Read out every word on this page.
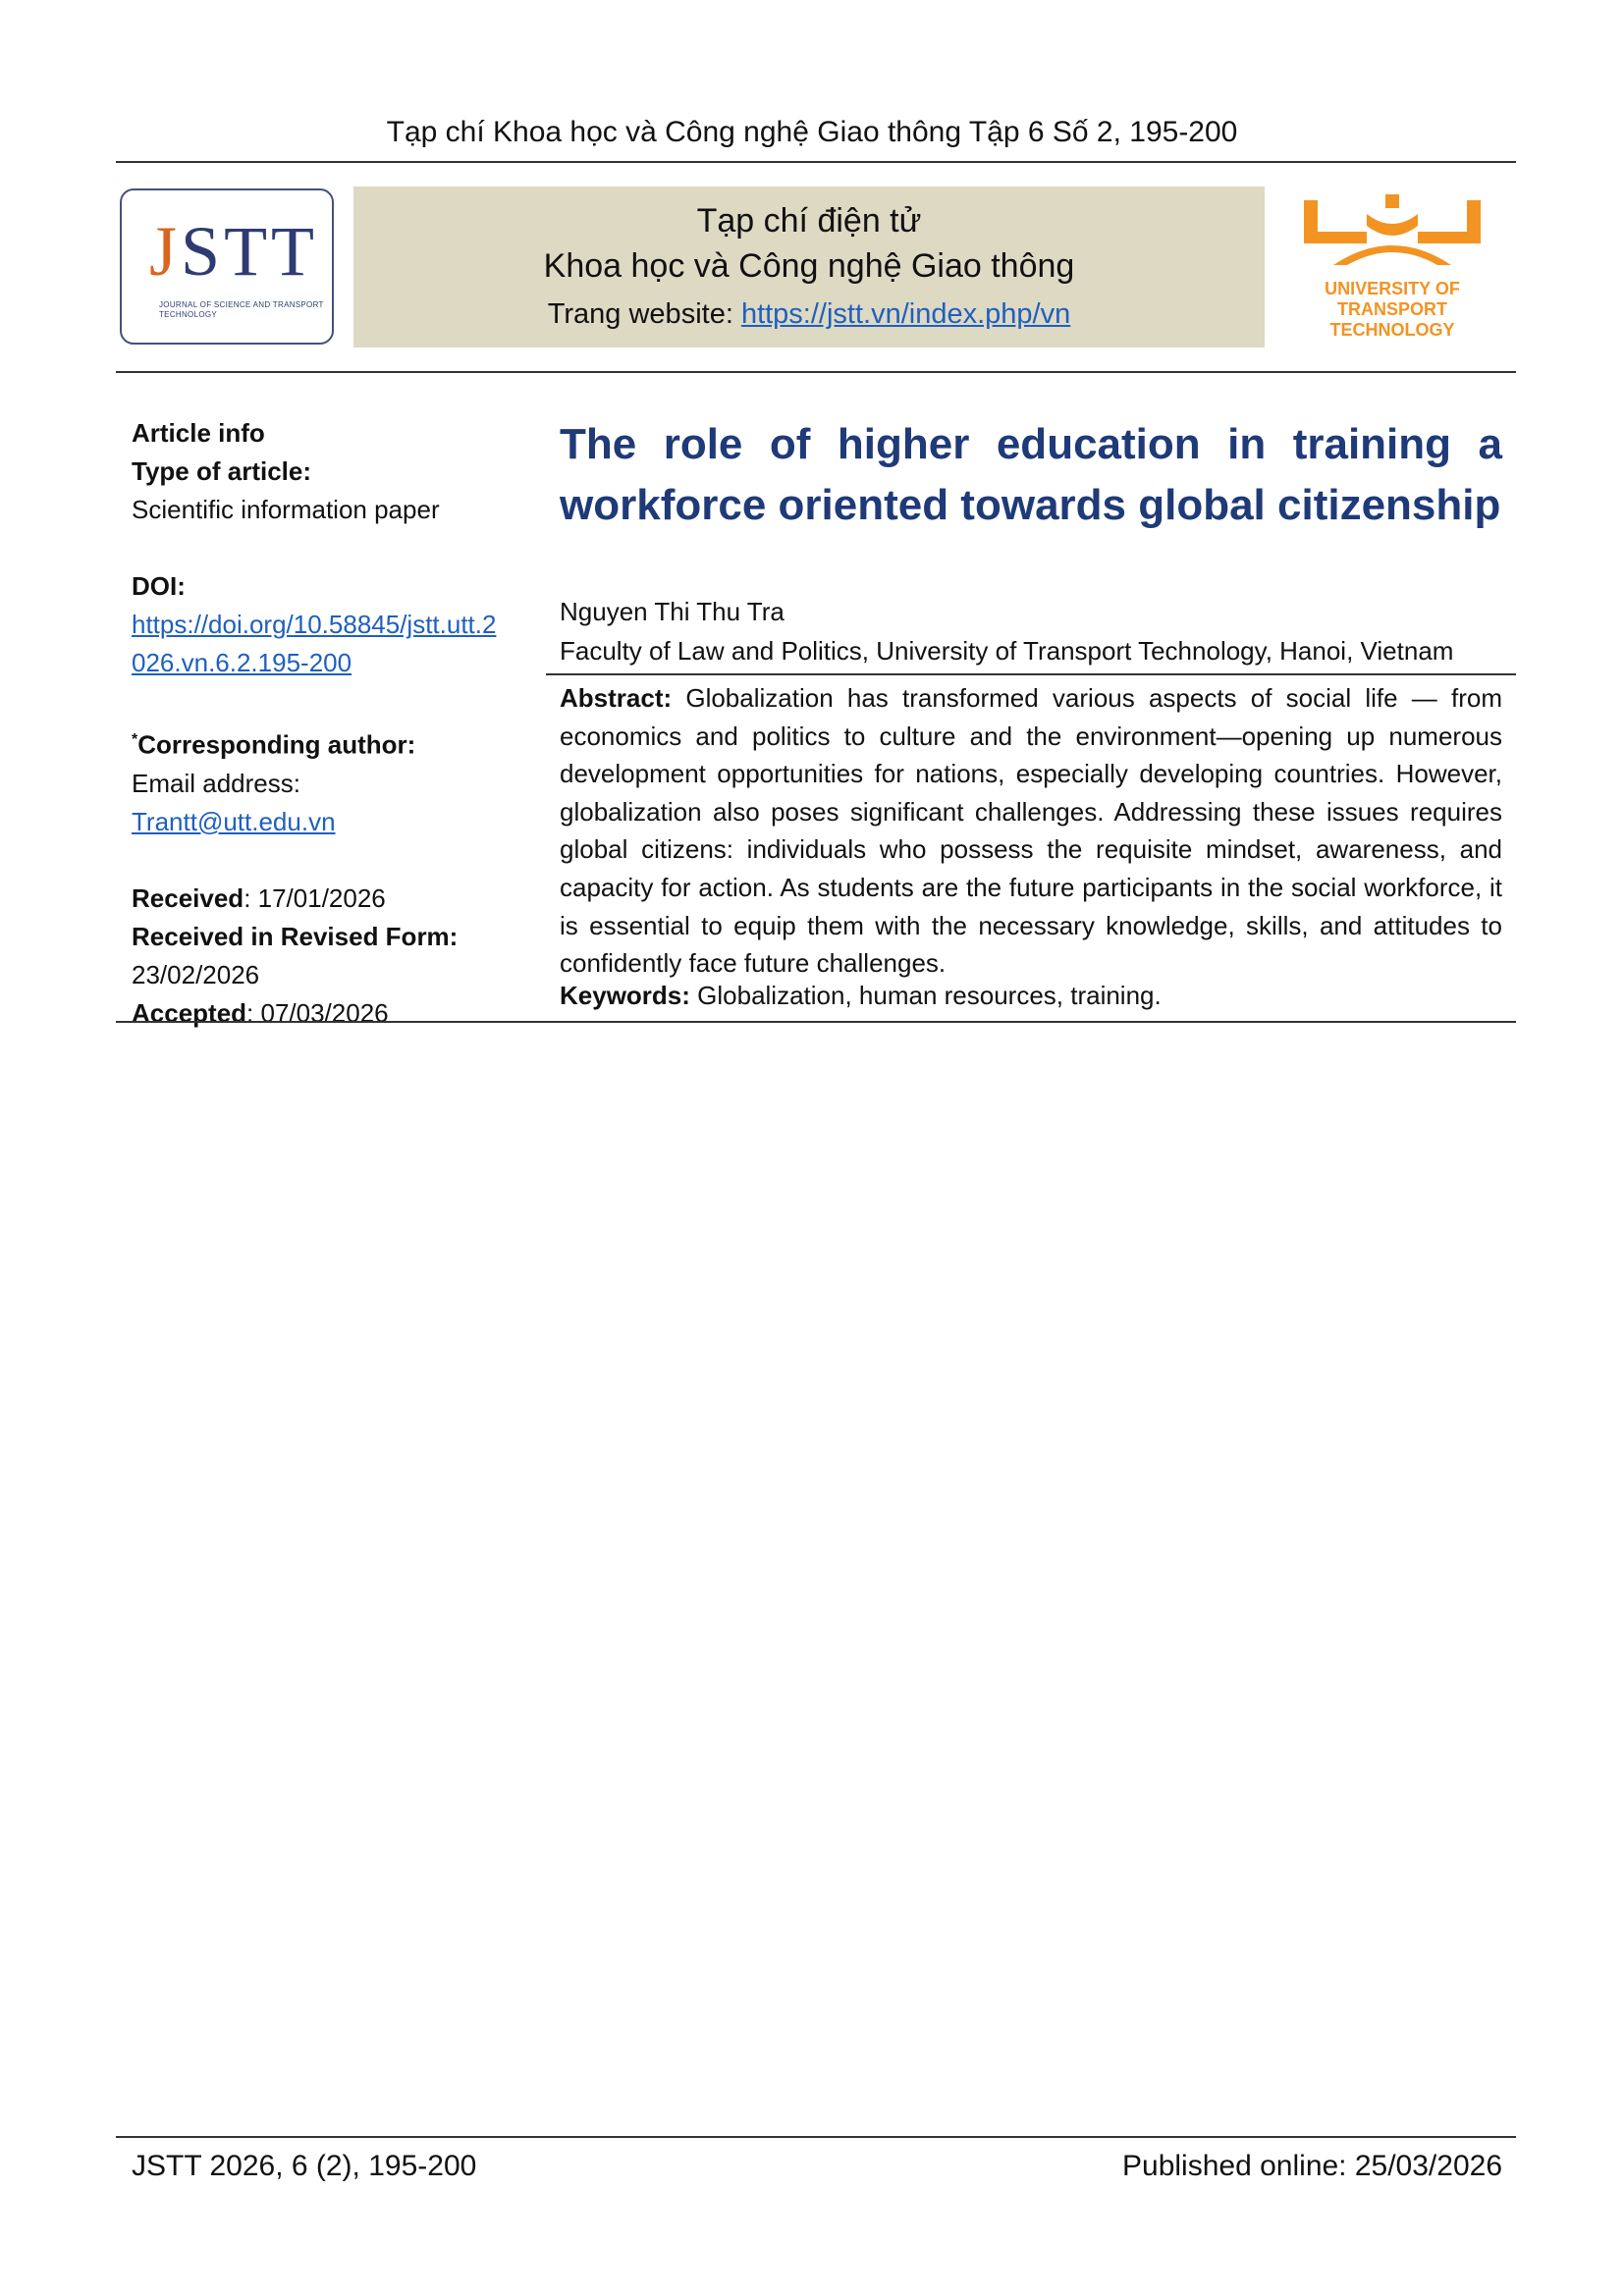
Tạp chí Khoa học và Công nghệ Giao thông Tập 6 Số 2, 195-200
JSTT
JOURNAL OF SCIENCE AND TRANSPORT TECHNOLOGY
Tạp chí điện tử
Khoa học và Công nghệ Giao thông
Trang website: https://jstt.vn/index.php/vn
UNIVERSITY OF
TRANSPORT
TECHNOLOGY
Article info
Type of article:
Scientific information paper
DOI:
https://doi.org/10.58845/jstt.utt.2
026.vn.6.2.195-200
*Corresponding author:
Email address:
Trantt@utt.edu.vn
Received: 17/01/2026
Received in Revised Form:
23/02/2026
Accepted: 07/03/2026
The role of higher education in training a workforce oriented towards global citizenship
Nguyen Thi Thu Tra
Faculty of Law and Politics, University of Transport Technology, Hanoi, Vietnam
Abstract: Globalization has transformed various aspects of social life — from economics and politics to culture and the environment—opening up numerous development opportunities for nations, especially developing countries. However, globalization also poses significant challenges. Addressing these issues requires global citizens: individuals who possess the requisite mindset, awareness, and capacity for action. As students are the future participants in the social workforce, it is essential to equip them with the necessary knowledge, skills, and attitudes to confidently face future challenges.
Keywords: Globalization, human resources, training.
JSTT 2026, 6 (2), 195-200	Published online: 25/03/2026
